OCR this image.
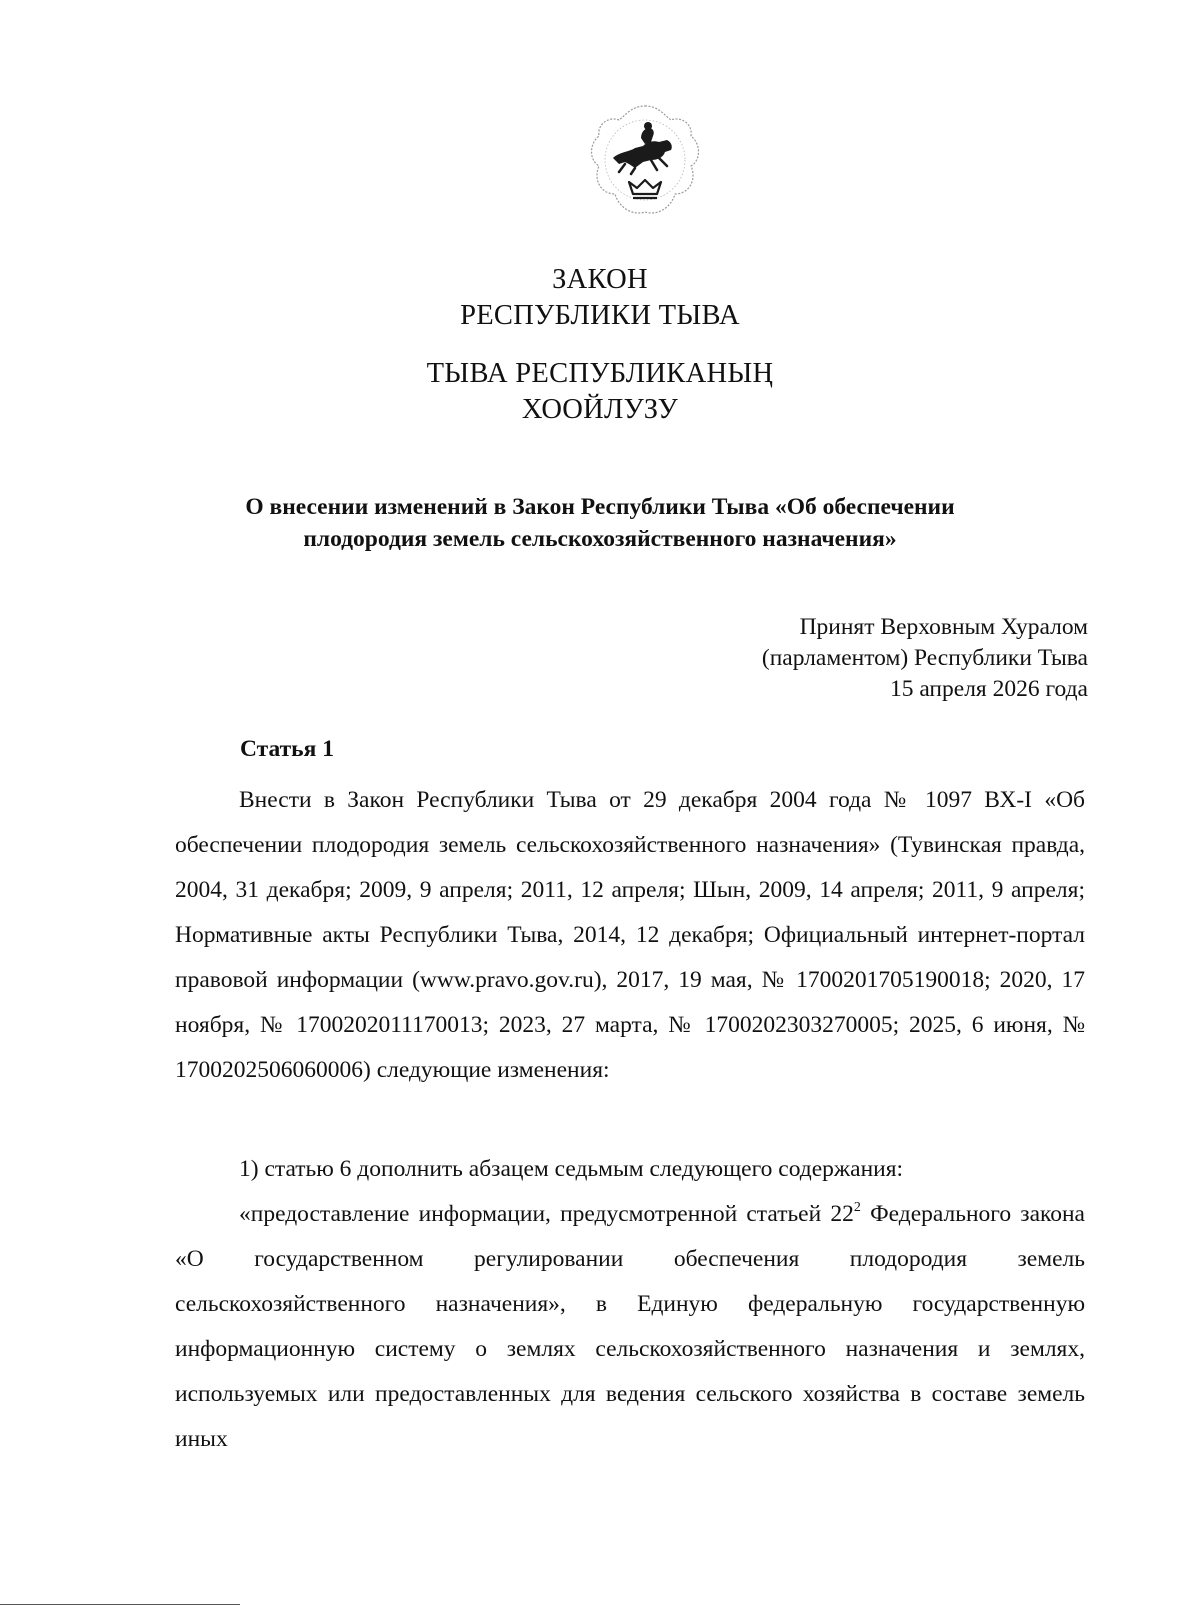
ЗАКОН
РЕСПУБЛИКИ ТЫВА
ТЫВА РЕСПУБЛИКАНЫҢ
ХООЙЛУЗУ
О внесении изменений в Закон Республики Тыва «Об обеспечении
плодородия земель сельскохозяйственного назначения»
Принят Верховным Хуралом
(парламентом) Республики Тыва
15 апреля 2026 года
Статья 1

Внести в Закон Республики Тыва от 29 декабря 2004 года № 1097 ВХ-I «Об обеспечении плодородия земель сельскохозяйственного назначения» (Тувинская правда, 2004, 31 декабря; 2009, 9 апреля; 2011, 12 апреля; Шын, 2009, 14 апреля; 2011, 9 апреля; Нормативные акты Республики Тыва, 2014, 12 декабря; Официальный интернет-портал правовой информации (www.pravo.gov.ru), 2017, 19 мая, № 1700201705190018; 2020, 17 ноября, № 1700202011170013; 2023, 27 марта, № 1700202303270005; 2025, 6 июня, № 1700202506060006) следующие изменения:

1) статью 6 дополнить абзацем седьмым следующего содержания:

«предоставление информации, предусмотренной статьей $22^2$ Федерального закона «О государственном регулировании обеспечения плодородия земель сельскохозяйственного назначения», в Единую федеральную государственную информационную систему о землях сельскохозяйственного назначения и землях, используемых или предоставленных для ведения сельского хозяйства в составе земель иных
